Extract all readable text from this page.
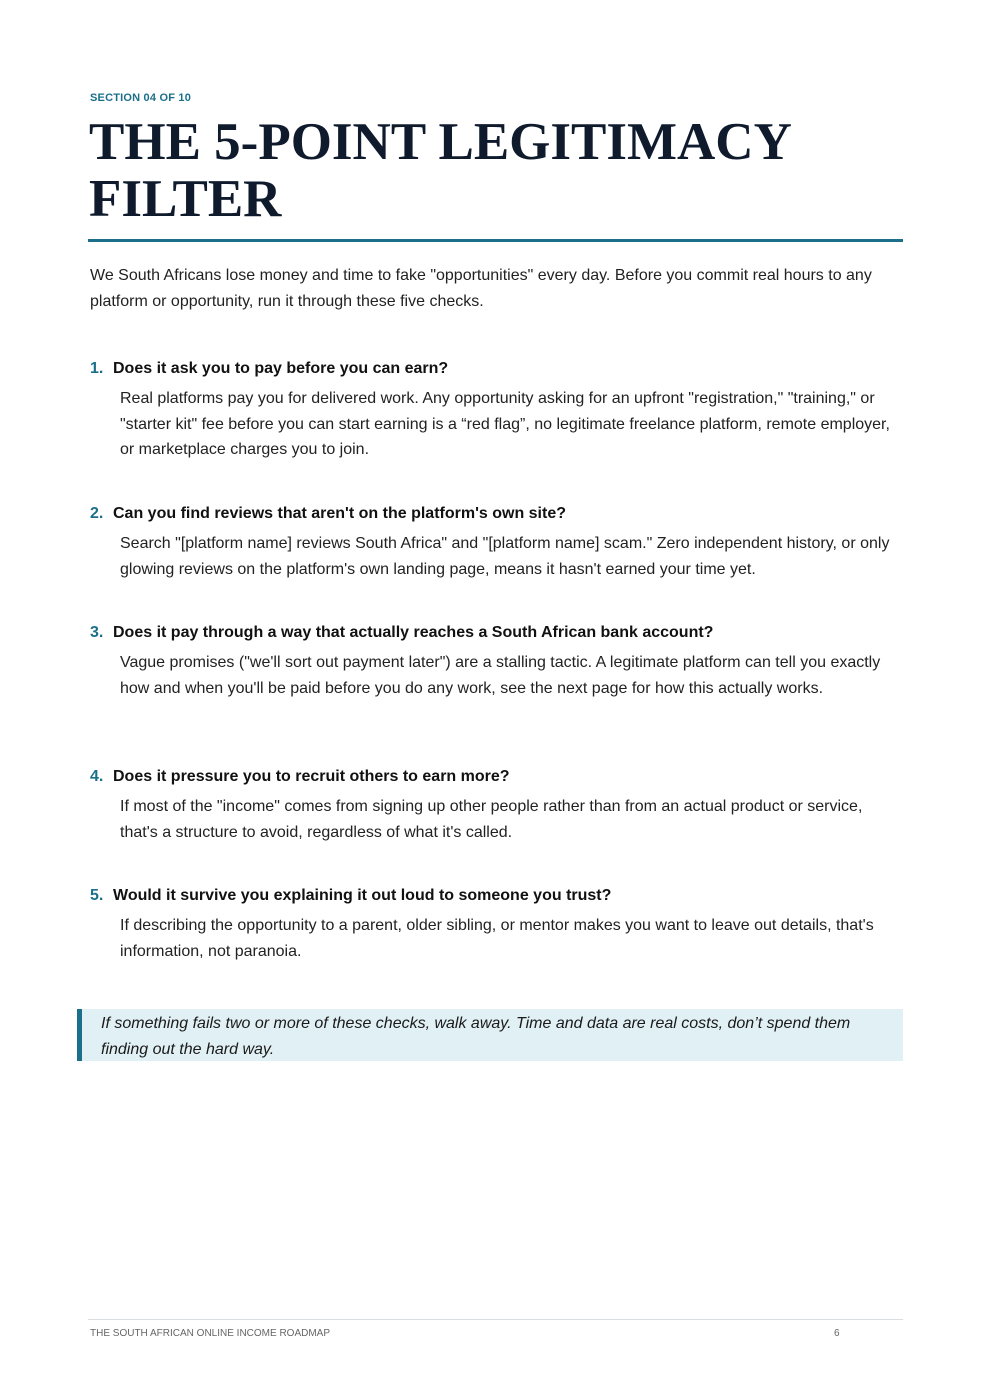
SECTION 04 OF 10
THE 5-POINT LEGITIMACY FILTER

We South Africans lose money and time to fake "opportunities" every day. Before you commit real hours to any platform or opportunity, run it through these five checks.

1. Does it ask you to pay before you can earn?
Real platforms pay you for delivered work. Any opportunity asking for an upfront "registration," "training," or "starter kit" fee before you can start earning is a “red flag”, no legitimate freelance platform, remote employer, or marketplace charges you to join.
2. Can you find reviews that aren't on the platform's own site?
Search "[platform name] reviews South Africa" and "[platform name] scam." Zero independent history, or only glowing reviews on the platform's own landing page, means it hasn't earned your time yet.
3. Does it pay through a way that actually reaches a South African bank account?
Vague promises ("we'll sort out payment later") are a stalling tactic. A legitimate platform can tell you exactly how and when you'll be paid before you do any work, see the next page for how this actually works.
4. Does it pressure you to recruit others to earn more?
If most of the "income" comes from signing up other people rather than from an actual product or service, that's a structure to avoid, regardless of what it's called.
5. Would it survive you explaining it out loud to someone you trust?
If describing the opportunity to a parent, older sibling, or mentor makes you want to leave out details, that's information, not paranoia.
If something fails two or more of these checks, walk away. Time and data are real costs, don’t spend them finding out the hard way.
THE SOUTH AFRICAN ONLINE INCOME ROADMAP	6
